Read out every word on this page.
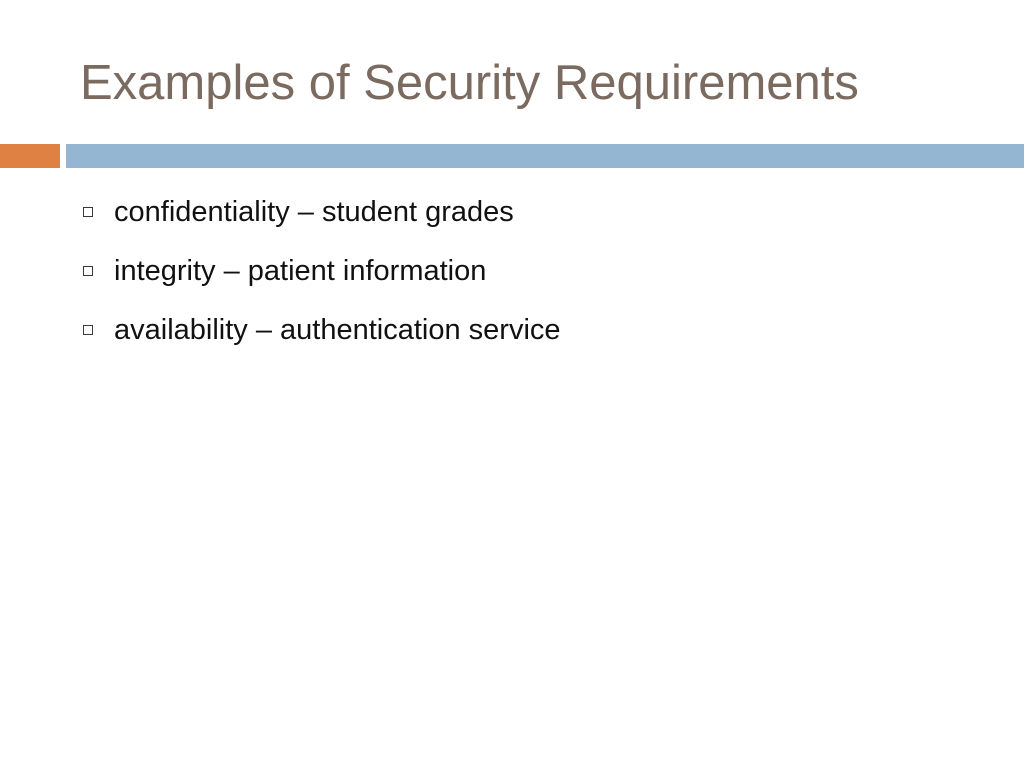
Examples of Security Requirements
confidentiality – student grades
integrity – patient information
availability – authentication service
